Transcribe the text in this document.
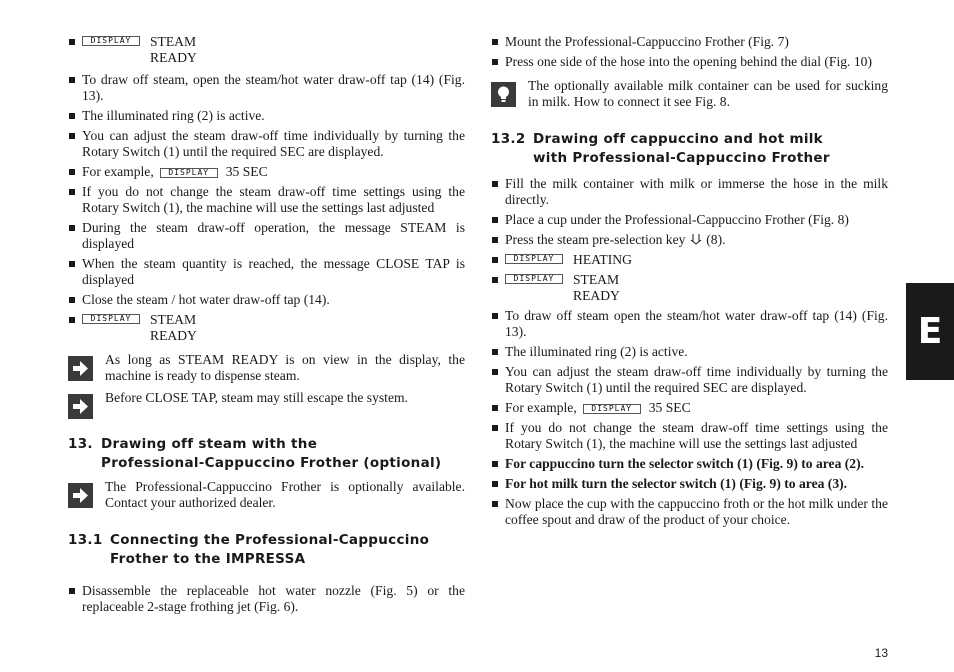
DISPLAY	STEAM
READY
To draw off steam, open the steam/hot water draw-off tap (14) (Fig. 13).
The illuminated ring (2) is active.
You can adjust the steam draw-off time individually by turning the Rotary Switch (1) until the required SEC are displayed.
For example, DISPLAY 35 SEC
If you do not change the steam draw-off time settings using the Rotary Switch (1), the machine will use the settings last adjusted
During the steam draw-off operation, the message STEAM is displayed
When the steam quantity is reached, the message CLOSE TAP is displayed
Close the steam / hot water draw-off tap (14).
DISPLAY	STEAM
READY
As long as STEAM READY is on view in the display, the machine is ready to dispense steam.
Before CLOSE TAP, steam may still escape the system.
13. Drawing off steam with the
Professional-Cappuccino Frother (optional)
The Professional-Cappuccino Frother is optionally available. Contact your authorized dealer.
13.1 Connecting the Professional-Cappuccino
Frother to the IMPRESSA
Disassemble the replaceable hot water nozzle (Fig. 5) or the replaceable 2-stage frothing jet (Fig. 6).
Mount the Professional-Cappuccino Frother (Fig. 7)
Press one side of the hose into the opening behind the dial (Fig. 10)
The optionally available milk container can be used for sucking in milk. How to connect it see Fig. 8.
13.2 Drawing off cappuccino and hot milk
with Professional-Cappuccino Frother
Fill the milk container with milk or immerse the hose in the milk directly.
Place a cup under the Professional-Cappuccino Frother (Fig. 8)
Press the steam pre-selection key (8).
DISPLAY	HEATING
DISPLAY	STEAM
READY
To draw off steam open the steam/hot water draw-off tap (14) (Fig. 13).
The illuminated ring (2) is active.
You can adjust the steam draw-off time individually by turning the Rotary Switch (1) until the required SEC are displayed.
For example, DISPLAY 35 SEC
If you do not change the steam draw-off time settings using the Rotary Switch (1), the machine will use the settings last adjusted
For cappuccino turn the selector switch (1) (Fig. 9) to area (2).
For hot milk turn the selector switch (1) (Fig. 9) to area (3).
Now place the cup with the cappuccino froth or the hot milk under the coffee spout and draw of the product of your choice.
E
13
